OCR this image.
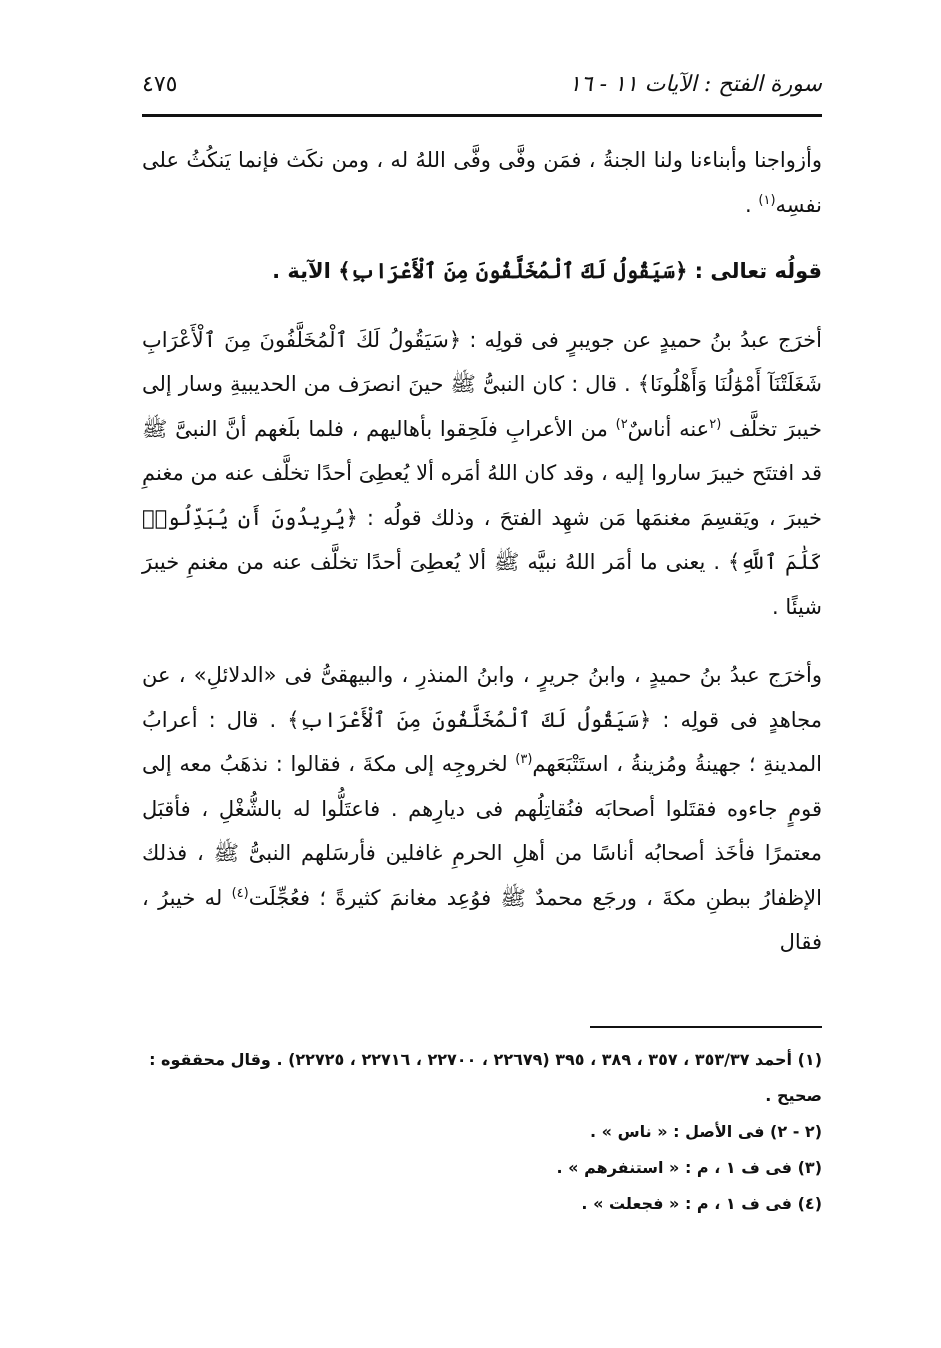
سورة الفتح : الآيات ١١ - ١٦
٤٧٥

وأزواجنا وأبناءنا ولنا الجنةُ ، فمَن وفَّى وفَّى اللهُ له ، ومن نكَث فإنما يَنكُثُ على نفسِه$^{(١)}$ .

قولُه تعالى : ﴿سَيَقُولُ لَكَ ٱلْمُخَلَّفُونَ مِنَ ٱلْأَعْرَابِ﴾ الآية .

أخرَج عبدُ بنُ حميدٍ عن جويبرٍ فى قولِه : ﴿سَيَقُولُ لَكَ ٱلْمُخَلَّفُونَ مِنَ ٱلْأَعْرَابِ شَغَلَتْنَآ أَمْوَٰلُنَا وَأَهْلُونَا﴾ . قال : كان النبىُّ ﷺ حينَ انصرَف من الحديبيةِ وسار إلى خيبرَ تخلَّف $^{(٢}$عنه أناسٌ$^{٢)}$ من الأعرابِ فلَحِقوا بأهاليهم ، فلما بلَغهم أنَّ النبىَّ ﷺ قد افتتَح خيبرَ ساروا إليه ، وقد كان اللهُ أمَره ألا يُعطِىَ أحدًا تخلَّف عنه من مغنمِ خيبرَ ، ويَقسِمَ مغنمَها مَن شهِد الفتحَ ، وذلك قولُه : ﴿يُرِيدُونَ أَن يُبَدِّلُوا۟ كَلَٰمَ ٱللَّهِ﴾ . يعنى ما أمَر اللهُ نبيَّه ﷺ ألا يُعطِىَ أحدًا تخلَّف عنه من مغنمِ خيبرَ شيئًا .

وأخرَج عبدُ بنُ حميدٍ ، وابنُ جريرٍ ، وابنُ المنذرِ ، والبيهقىُّ فى «الدلائلِ» ، عن مجاهدٍ فى قولِه : ﴿سَيَقُولُ لَكَ ٱلْمُخَلَّفُونَ مِنَ ٱلْأَعْرَابِ﴾ . قال : أعرابُ المدينةِ ؛ جهينةُ ومُزينةُ ، استَتْبَعَهم$^{(٣)}$ لخروجِه إلى مكةَ ، فقالوا : نذهَبُ معه إلى قومٍ جاءوه فقتَلوا أصحابَه فنُقاتِلُهم فى ديارِهم . فاعتَلُّوا له بالشُّغْلِ ، فأقبَل معتمرًا فأخَذ أصحابُه أناسًا من أهلِ الحرمِ غافلين فأرسَلهم النبىُّ ﷺ ، فذلك الإظفارُ ببطنِ مكةَ ، ورجَع محمدٌ ﷺ فوُعِد مغانمَ كثيرةً ؛ فعُجِّلَت$^{(٤)}$ له خيبرُ ، فقال

(١) أحمد ٣٥٣/٣٧ ، ٣٥٧ ، ٣٨٩ ، ٣٩٥ (٢٢٦٧٩ ، ٢٢٧٠٠ ، ٢٢٧١٦ ، ٢٢٧٢٥) . وقال محققوه : صحيح .

(٢ - ٢) فى الأصل : « ناس » .

(٣) فى ف ١ ، م : « استنفرهم » .

(٤) فى ف ١ ، م : « فجعلت » .
